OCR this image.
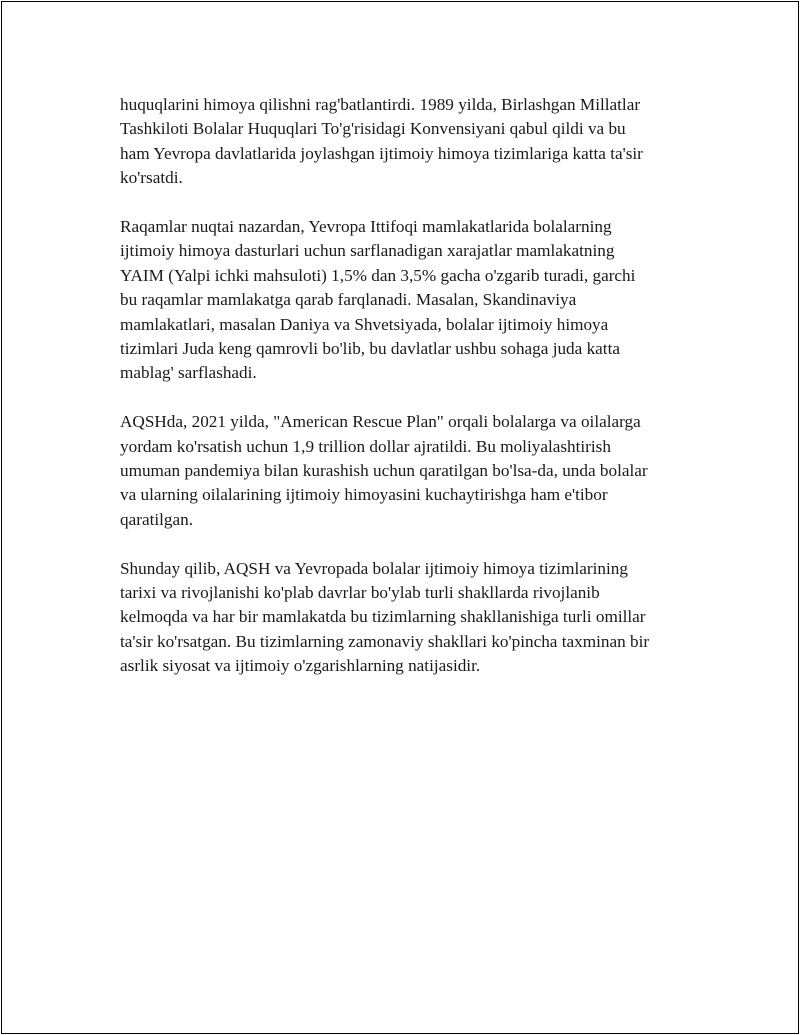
huquqlarini himoya qilishni rag'batlantirdi. 1989 yilda, Birlashgan Millatlar
Tashkiloti Bolalar Huquqlari To'g'risidagi Konvensiyani qabul qildi va bu
ham Yevropa davlatlarida joylashgan ijtimoiy himoya tizimlariga katta ta'sir
ko'rsatdi.

Raqamlar nuqtai nazardan, Yevropa Ittifoqi mamlakatlarida bolalarning
ijtimoiy himoya dasturlari uchun sarflanadigan xarajatlar mamlakatning
YAIM (Yalpi ichki mahsuloti) 1,5% dan 3,5% gacha o'zgarib turadi, garchi
bu raqamlar mamlakatga qarab farqlanadi. Masalan, Skandinaviya
mamlakatlari, masalan Daniya va Shvetsiyada, bolalar ijtimoiy himoya
tizimlari Juda keng qamrovli bo'lib, bu davlatlar ushbu sohaga juda katta
mablag' sarflashadi.

AQSHda, 2021 yilda, "American Rescue Plan" orqali bolalarga va oilalarga
yordam ko'rsatish uchun 1,9 trillion dollar ajratildi. Bu moliyalashtirish
umuman pandemiya bilan kurashish uchun qaratilgan bo'lsa-da, unda bolalar
va ularning oilalarining ijtimoiy himoyasini kuchaytirishga ham e'tibor
qaratilgan.

Shunday qilib, AQSH va Yevropada bolalar ijtimoiy himoya tizimlarining
tarixi va rivojlanishi ko'plab davrlar bo'ylab turli shakllarda rivojlanib
kelmoqda va har bir mamlakatda bu tizimlarning shakllanishiga turli omillar
ta'sir ko'rsatgan. Bu tizimlarning zamonaviy shakllari ko'pincha taxminan bir
asrlik siyosat va ijtimoiy o'zgarishlarning natijasidir.
